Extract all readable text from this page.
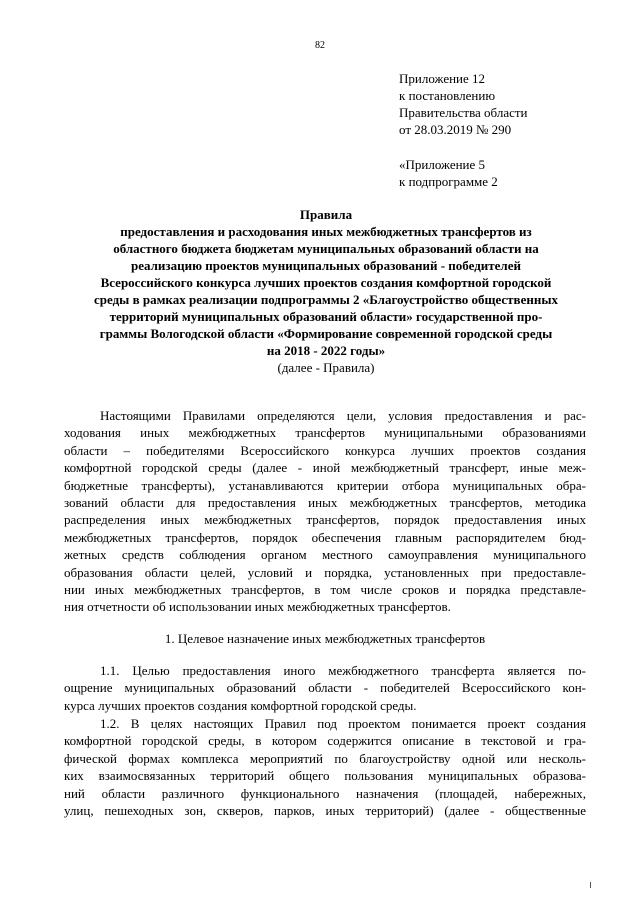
82
Приложение 12
к постановлению
Правительства области
от 28.03.2019 № 290
«Приложение 5
к подпрограмме 2
Правила
предоставления и расходования иных межбюджетных трансфертов из
областного бюджета бюджетам муниципальных образований области на
реализацию проектов муниципальных образований - победителей
Всероссийского конкурса лучших проектов создания комфортной городской
среды в рамках реализации подпрограммы 2 «Благоустройство общественных
территорий муниципальных образований области» государственной про-
граммы Вологодской области «Формирование современной городской среды
на 2018 - 2022 годы»
(далее - Правила)
Настоящими Правилами определяются цели, условия предоставления и рас-
ходования иных межбюджетных трансфертов муниципальными образованиями
области – победителями Всероссийского конкурса лучших проектов создания
комфортной городской среды (далее - иной межбюджетный трансферт, иные меж-
бюджетные трансферты), устанавливаются критерии отбора муниципальных обра-
зований области для предоставления иных межбюджетных трансфертов, методика
распределения иных межбюджетных трансфертов, порядок предоставления иных
межбюджетных трансфертов, порядок обеспечения главным распорядителем бюд-
жетных средств соблюдения органом местного самоуправления муниципального
образования области целей, условий и порядка, установленных при предоставле-
нии иных межбюджетных трансфертов, в том числе сроков и порядка представле-
ния отчетности об использовании иных межбюджетных трансфертов.
1. Целевое назначение иных межбюджетных трансфертов
1.1. Целью предоставления иного межбюджетного трансферта является по-
ощрение муниципальных образований области - победителей Всероссийского кон-
курса лучших проектов создания комфортной городской среды.
1.2. В целях настоящих Правил под проектом понимается проект создания
комфортной городской среды, в котором содержится описание в текстовой и гра-
фической формах комплекса мероприятий по благоустройству одной или несколь-
ких взаимосвязанных территорий общего пользования муниципальных образова-
ний области различного функционального назначения (площадей, набережных,
улиц, пешеходных зон, скверов, парков, иных территорий) (далее - общественные
